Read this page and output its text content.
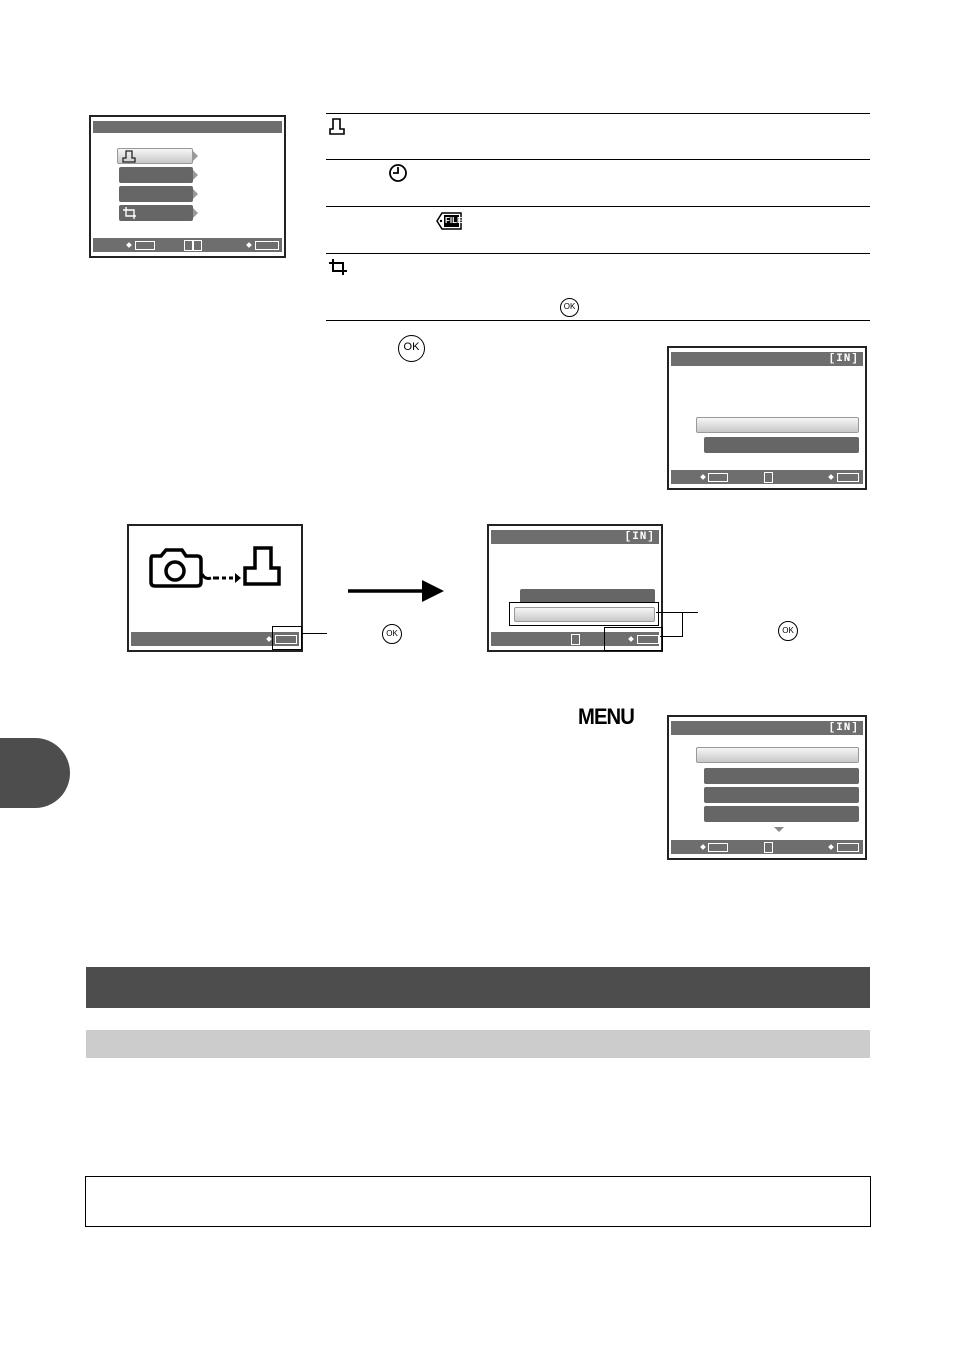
FILE
OK
OK
[IN]
OK
[IN]
OK
MENU	[IN]
